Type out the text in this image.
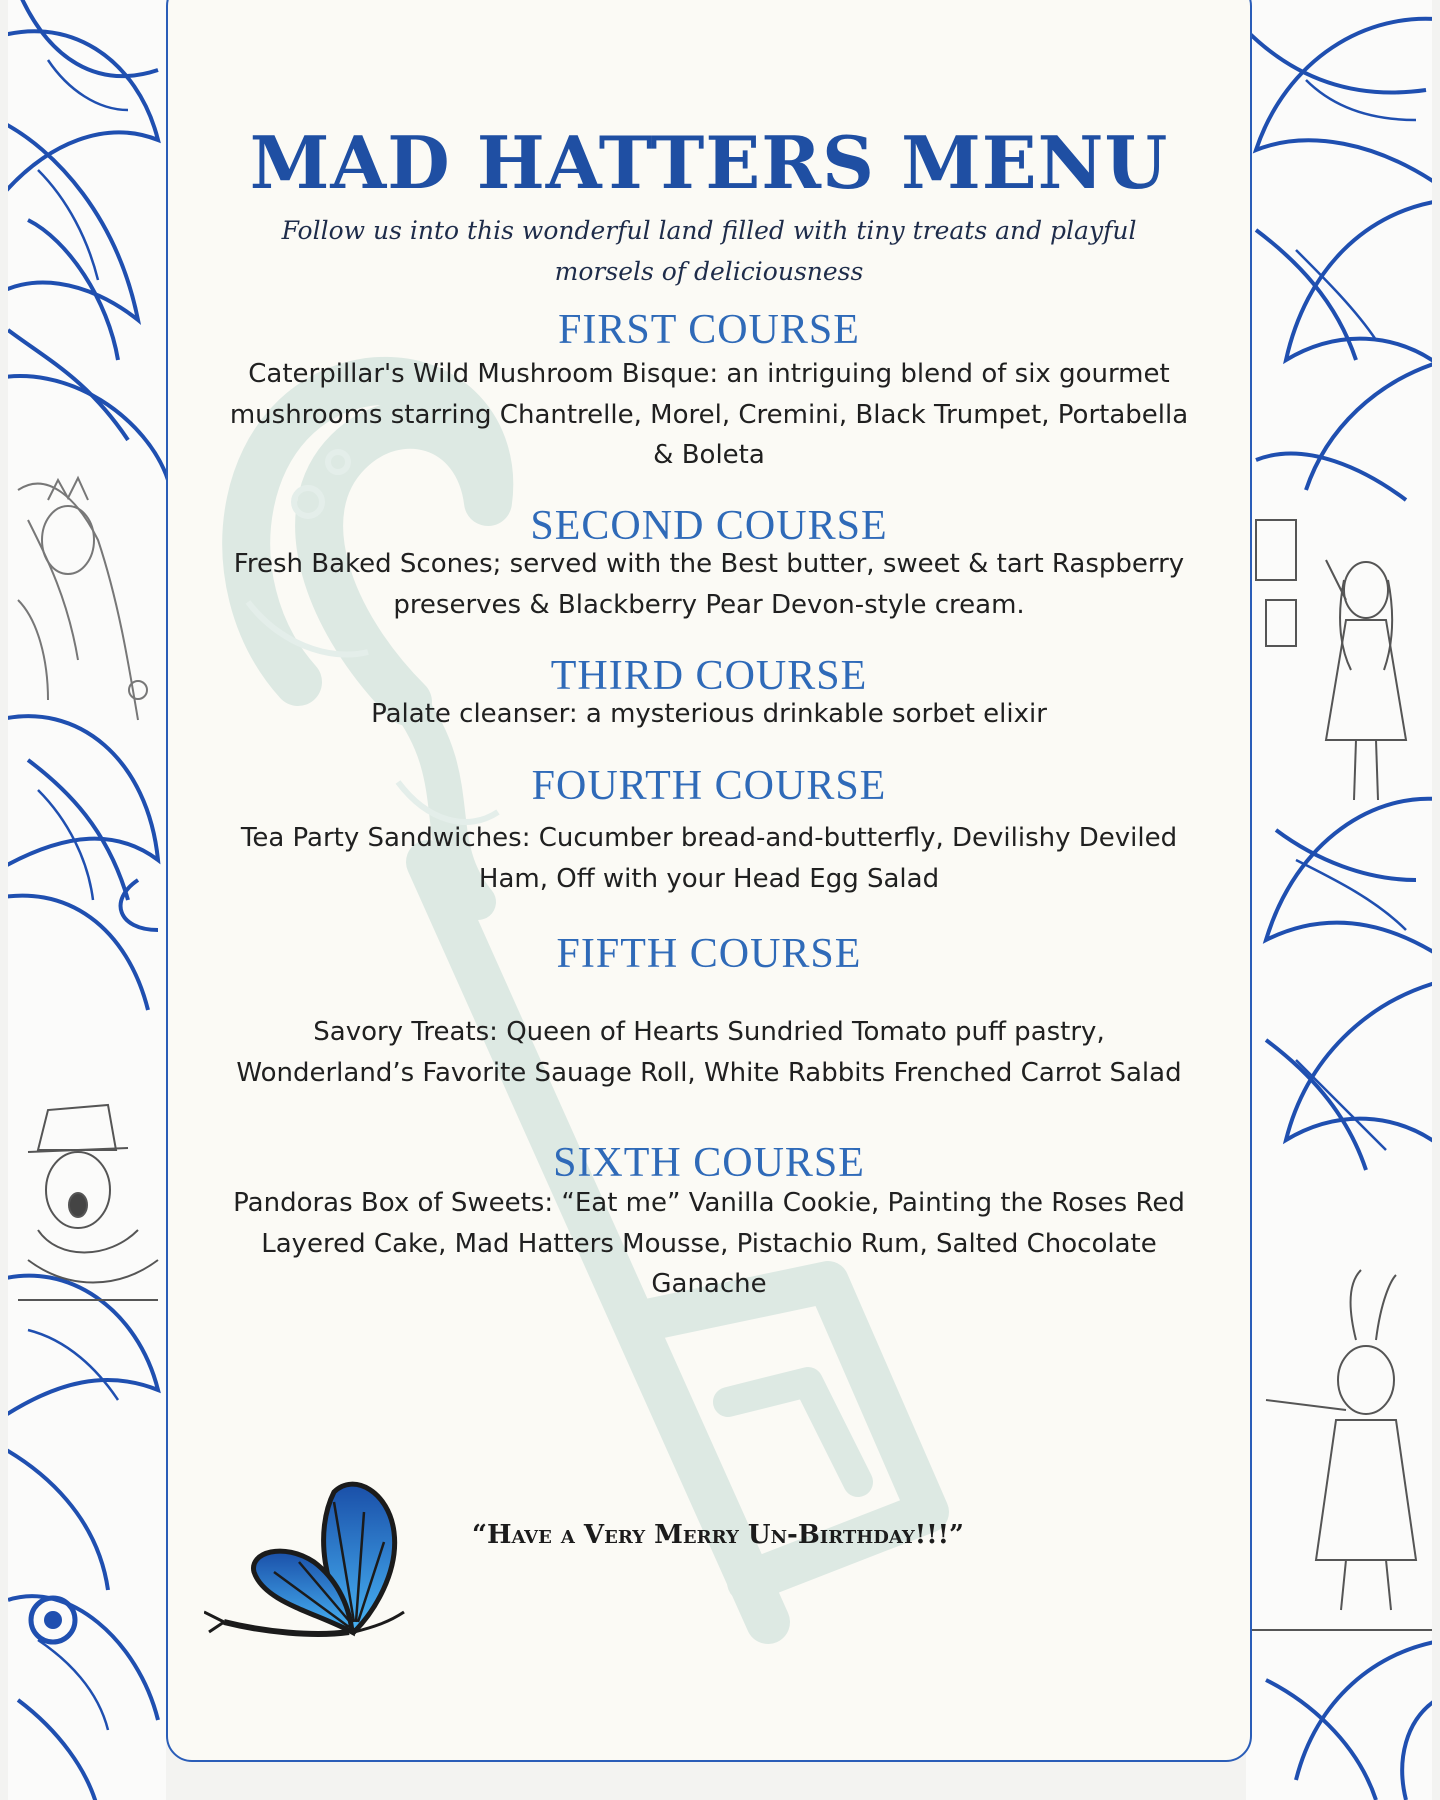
MAD HATTERS MENU

Follow us into this wonderful land filled with tiny treats and playful morsels of deliciousness

FIRST COURSE

Caterpillar's Wild Mushroom Bisque: an intriguing blend of six gourmet mushrooms starring Chantrelle, Morel, Cremini, Black Trumpet, Portabella & Boleta

SECOND COURSE

Fresh Baked Scones; served with the Best butter, sweet & tart Raspberry preserves & Blackberry Pear Devon-style cream.

THIRD COURSE

Palate cleanser: a mysterious drinkable sorbet elixir

FOURTH COURSE

Tea Party Sandwiches: Cucumber bread-and-butterfly, Devilishy Deviled Ham, Off with your Head Egg Salad

FIFTH COURSE

Savory Treats: Queen of Hearts Sundried Tomato puff pastry, Wonderland’s Favorite Sauage Roll, White Rabbits Frenched Carrot Salad

SIXTH COURSE

Pandoras Box of Sweets: “Eat me” Vanilla Cookie, Painting the Roses Red Layered Cake, Mad Hatters Mousse, Pistachio Rum, Salted Chocolate Ganache

“Have a Very Merry Un-Birthday!!!”
